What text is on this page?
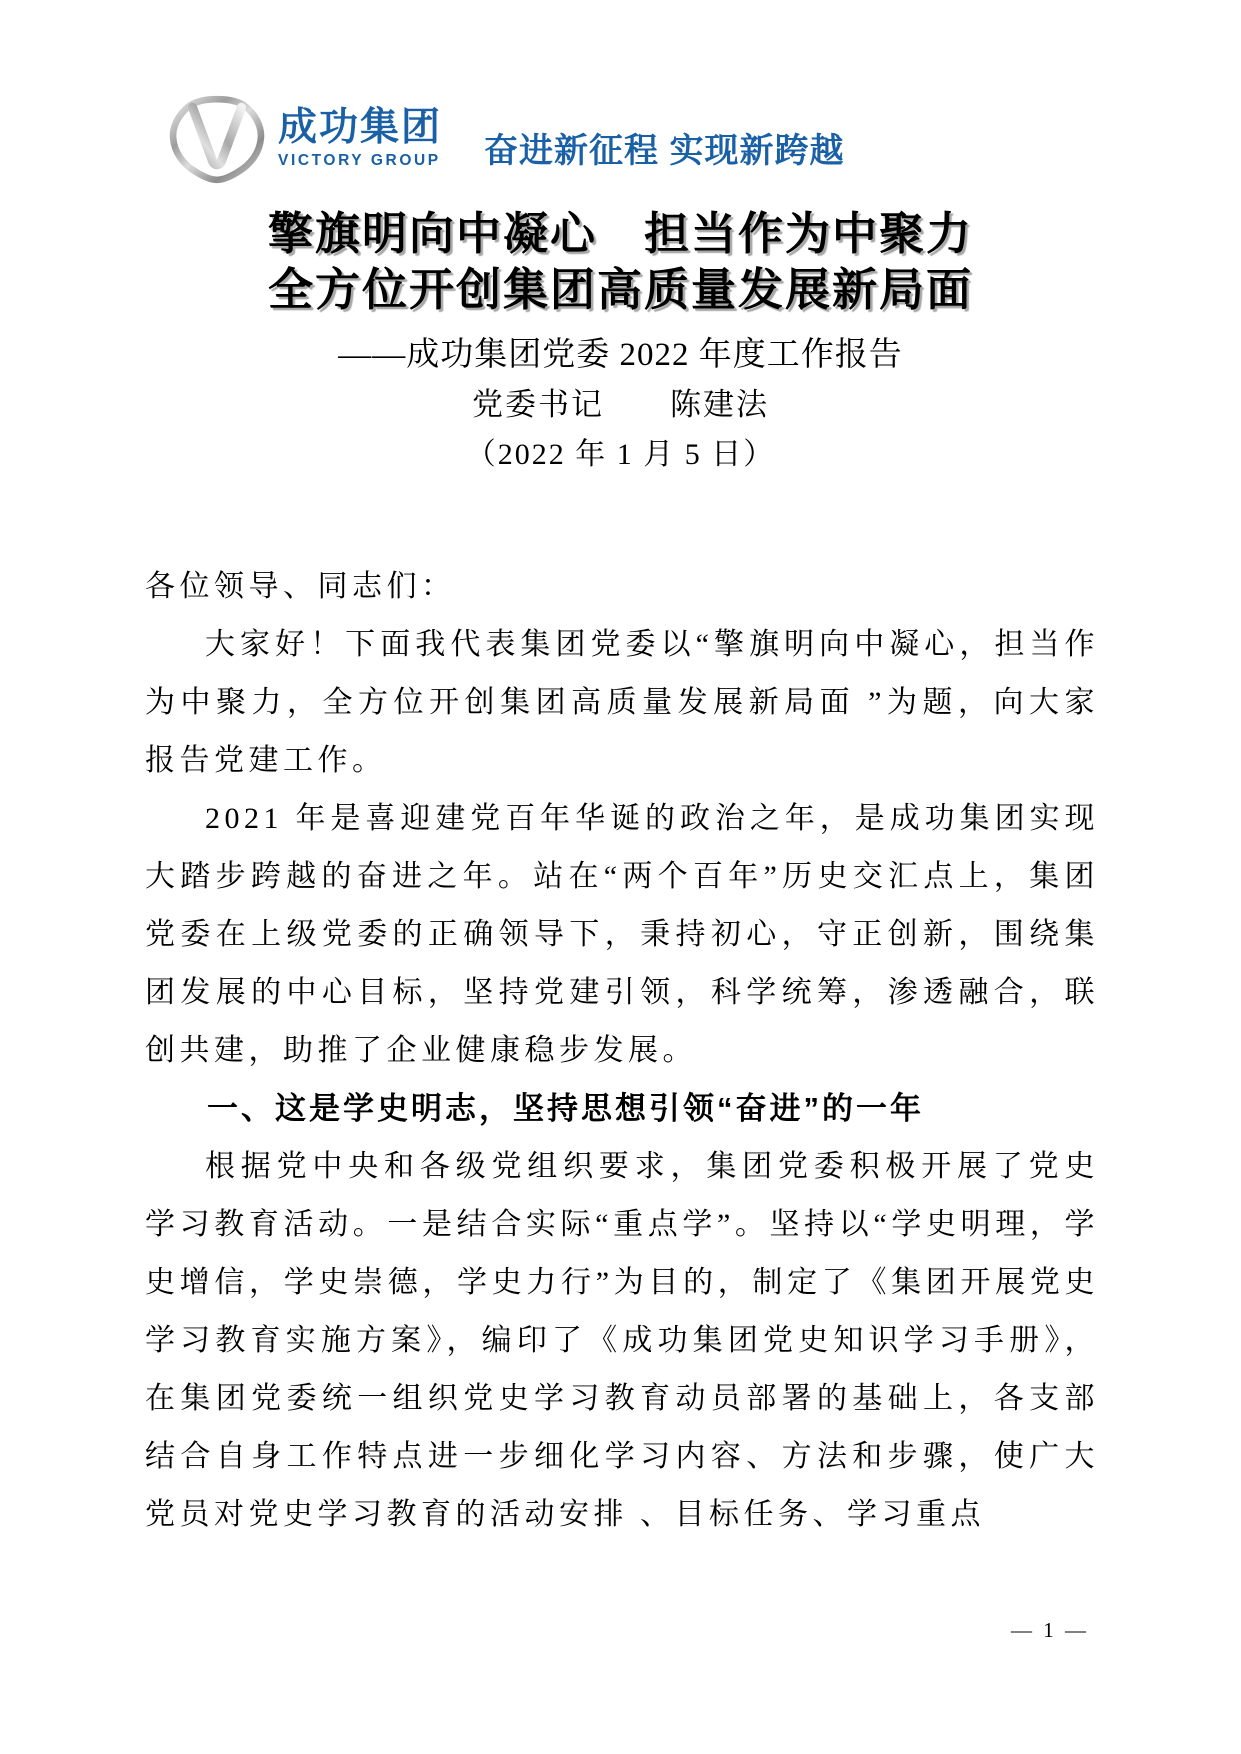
成功集团
VICTORY GROUP 奋进新征程 实现新跨越
擎旗明向中凝心　担当作为中聚力
全方位开创集团高质量发展新局面
——成功集团党委 2022 年度工作报告
党委书记　　陈建法
（2022 年 1 月 5 日）

各位领导、同志们：

大家好！下面我代表集团党委以“擎旗明向中凝心，担当作为中聚力，全方位开创集团高质量发展新局面 ”为题，向大家报告党建工作。

2021 年是喜迎建党百年华诞的政治之年，是成功集团实现大踏步跨越的奋进之年。站在“两个百年”历史交汇点上，集团党委在上级党委的正确领导下，秉持初心，守正创新，围绕集团发展的中心目标，坚持党建引领，科学统筹，渗透融合，联创共建，助推了企业健康稳步发展。

一、这是学史明志，坚持思想引领“奋进”的一年

根据党中央和各级党组织要求，集团党委积极开展了党史学习教育活动。一是结合实际“重点学”。坚持以“学史明理，学史增信，学史崇德，学史力行”为目的，制定了《集团开展党史学习教育实施方案》，编印了《成功集团党史知识学习手册》，在集团党委统一组织党史学习教育动员部署的基础上，各支部结合自身工作特点进一步细化学习内容、方法和步骤，使广大党员对党史学习教育的活动安排 、目标任务、学习重点

— 1 —
